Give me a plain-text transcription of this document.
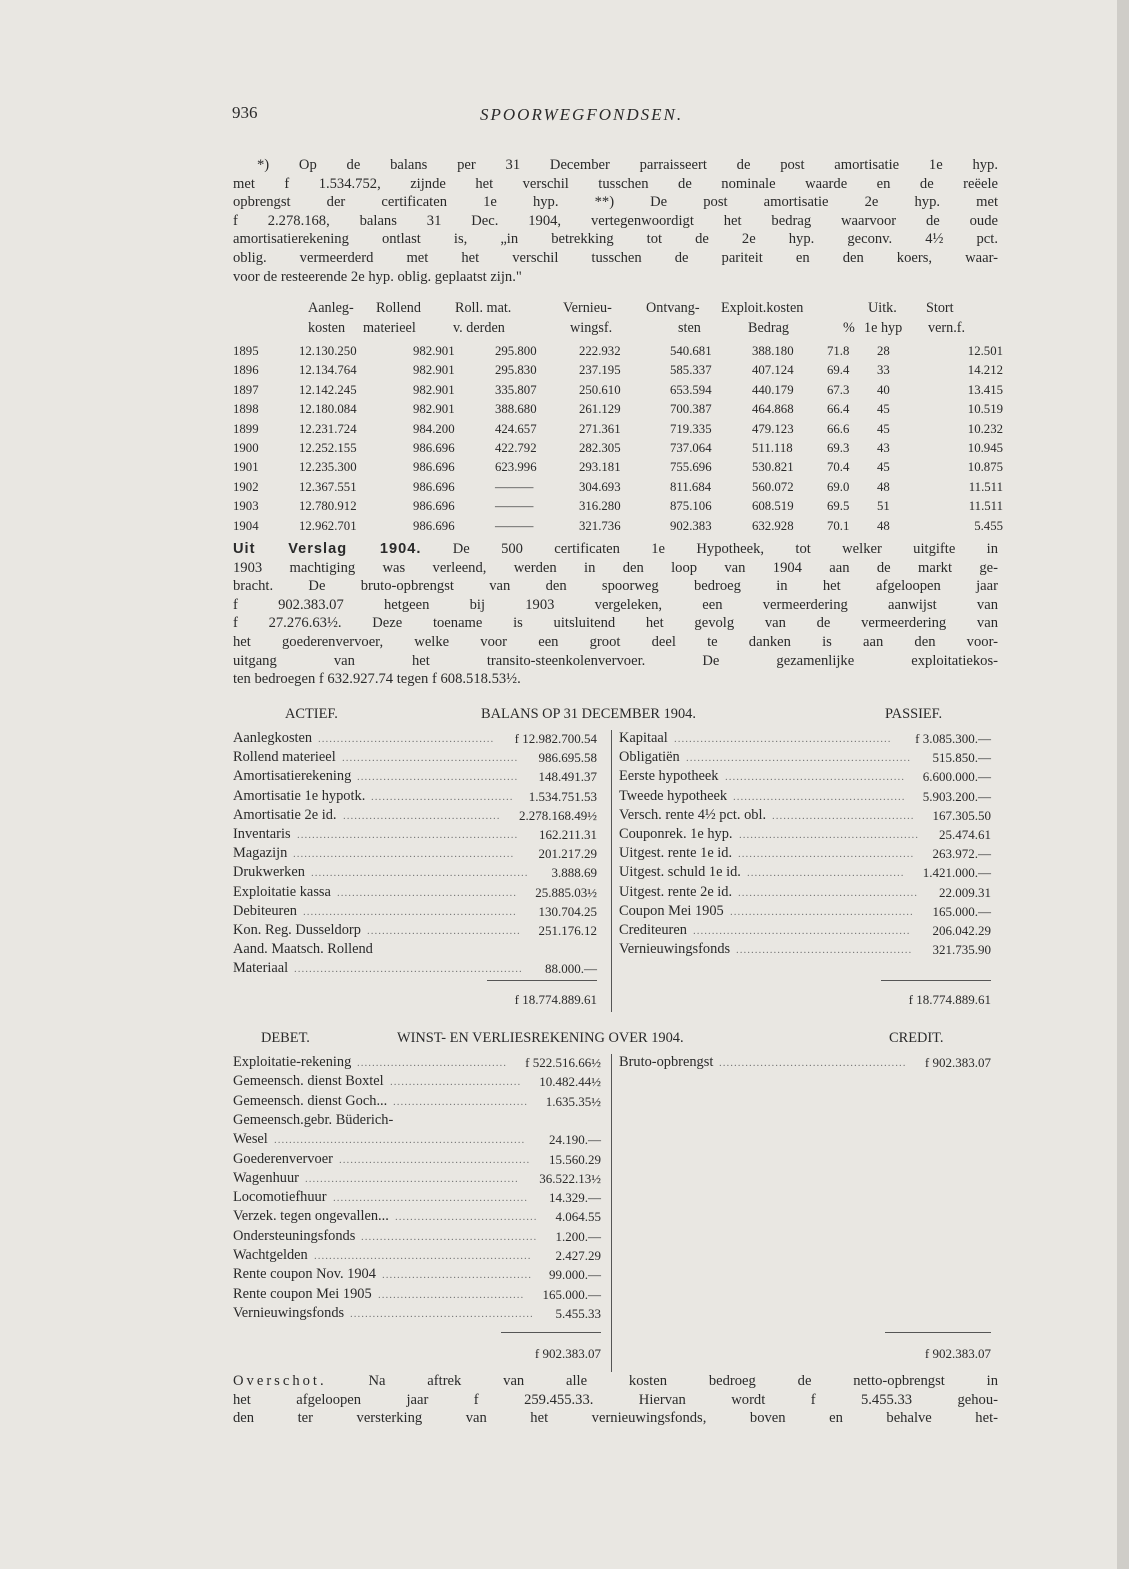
936	SPOORWEGFONDSEN.
*) Op de balans per 31 December parraisseert de post amortisatie 1e hyp.
met f 1.534.752, zijnde het verschil tusschen de nominale waarde en de reëele
opbrengst der certificaten 1e hyp. **) De post amortisatie 2e hyp. met
f 2.278.168, balans 31 Dec. 1904, vertegenwoordigt het bedrag waarvoor de oude
amortisatierekening ontlast is, „in betrekking tot de 2e hyp. geconv. 4½ pct.
oblig. vermeerderd met het verschil tusschen de pariteit en den koers, waar-
voor de resteerende 2e hyp. oblig. geplaatst zijn."
Aanleg- Rollend Roll. mat.	Vernieu- Ontvang- Exploit.kosten	Uitk. Stort
kosten materieel	v. derden	wingsf.	sten	Bedrag	% 1e hyp vern.f.
1895	12.130.250	982.901	295.800	222.932	540.681	388.180	71.8 28	12.501
1896	12.134.764	982.901	295.830	237.195	585.337	407.124	69.4 33	14.212
1897	12.142.245	982.901	335.807	250.610	653.594	440.179	67.3 40	13.415
1898	12.180.084	982.901	388.680	261.129	700.387	464.868	66.4 45	10.519
1899	12.231.724	984.200	424.657	271.361	719.335	479.123	66.6 45	10.232
1900	12.252.155	986.696	422.792	282.305	737.064	511.118	69.3 43	10.945
1901	12.235.300	986.696	623.996	293.181	755.696	530.821	70.4 45	10.875
1902	12.367.551	986.696	———	304.693	811.684	560.072	69.0 48	11.511
1903	12.780.912	986.696	———	316.280	875.106	608.519	69.5 51	11.511
1904	12.962.701	986.696	———	321.736	902.383	632.928	70.1 48	5.455
Uit Verslag 1904. De 500 certificaten 1e Hypotheek, tot welker uitgifte in
1903 machtiging was verleend, werden in den loop van 1904 aan de markt ge-
bracht. De bruto-opbrengst van den spoorweg bedroeg in het afgeloopen jaar
f 902.383.07 hetgeen bij 1903 vergeleken, een vermeerdering aanwijst van
f 27.276.63½. Deze toename is uitsluitend het gevolg van de vermeerdering van
het goederenvervoer, welke voor een groot deel te danken is aan den voor-
uitgang van het transito-steenkolenvervoer. De gezamenlijke exploitatiekos-
ten bedroegen f 632.927.74 tegen f 608.518.53½.
ACTIEF.	BALANS OP 31 DECEMBER 1904.	PASSIEF.
Aanlegkosten ...............................................	f 12.982.700.54
Rollend materieel ...............................................	986.695.58
Amortisatierekening ...........................................	148.491.37
Amortisatie 1e hypotk. ......................................	1.534.751.53
Amortisatie 2e id. ..........................................	2.278.168.49½
Inventaris ...........................................................	162.211.31
Magazijn ...........................................................	201.217.29
Drukwerken ..........................................................	3.888.69
Exploitatie kassa ................................................	25.885.03½
Debiteuren .........................................................	130.704.25
Kon. Reg. Dusseldorp .........................................	251.176.12
Aand. Maatsch. Rollend
Materiaal .............................................................	88.000.—
Kapitaal ..........................................................	f 3.085.300.—
Obligatiën ............................................................	515.850.—
Eerste hypotheek ................................................	6.600.000.—
Tweede hypotheek ..............................................	5.903.200.—
Versch. rente 4½ pct. obl. ......................................	167.305.50
Couponrek. 1e hyp. ................................................	25.474.61
Uitgest. rente 1e id. ...............................................	263.972.—
Uitgest. schuld 1e id. ..........................................	1.421.000.—
Uitgest. rente 2e id. ................................................	22.009.31
Coupon Mei 1905 .................................................	165.000.—
Crediteuren ..........................................................	206.042.29
Vernieuwingsfonds ...............................................	321.735.90
f 18.774.889.61	f 18.774.889.61
DEBET.	WINST- EN VERLIESREKENING OVER 1904.	CREDIT.
Exploitatie-rekening ........................................	f 522.516.66½
Gemeensch. dienst Boxtel ...................................	10.482.44½
Gemeensch. dienst Goch... ....................................	1.635.35½
Gemeensch.gebr. Büderich-
Wesel ...................................................................	24.190.—
Goederenvervoer ...................................................	15.560.29
Wagenhuur .........................................................	36.522.13½
Locomotiefhuur ....................................................	14.329.—
Verzek. tegen ongevallen... ......................................	4.064.55
Ondersteuningsfonds ...............................................	1.200.—
Wachtgelden ..........................................................	2.427.29
Rente coupon Nov. 1904 ........................................	99.000.—
Rente coupon Mei 1905 .......................................	165.000.—
Vernieuwingsfonds .................................................	5.455.33
Bruto-opbrengst ..................................................	f 902.383.07
f 902.383.07	f 902.383.07
Overschot.	Na aftrek van alle kosten bedroeg de netto-opbrengst in
het afgeloopen jaar f 259.455.33. Hiervan wordt f 5.455.33 gehou-
den ter versterking van het vernieuwingsfonds, boven en behalve het-
